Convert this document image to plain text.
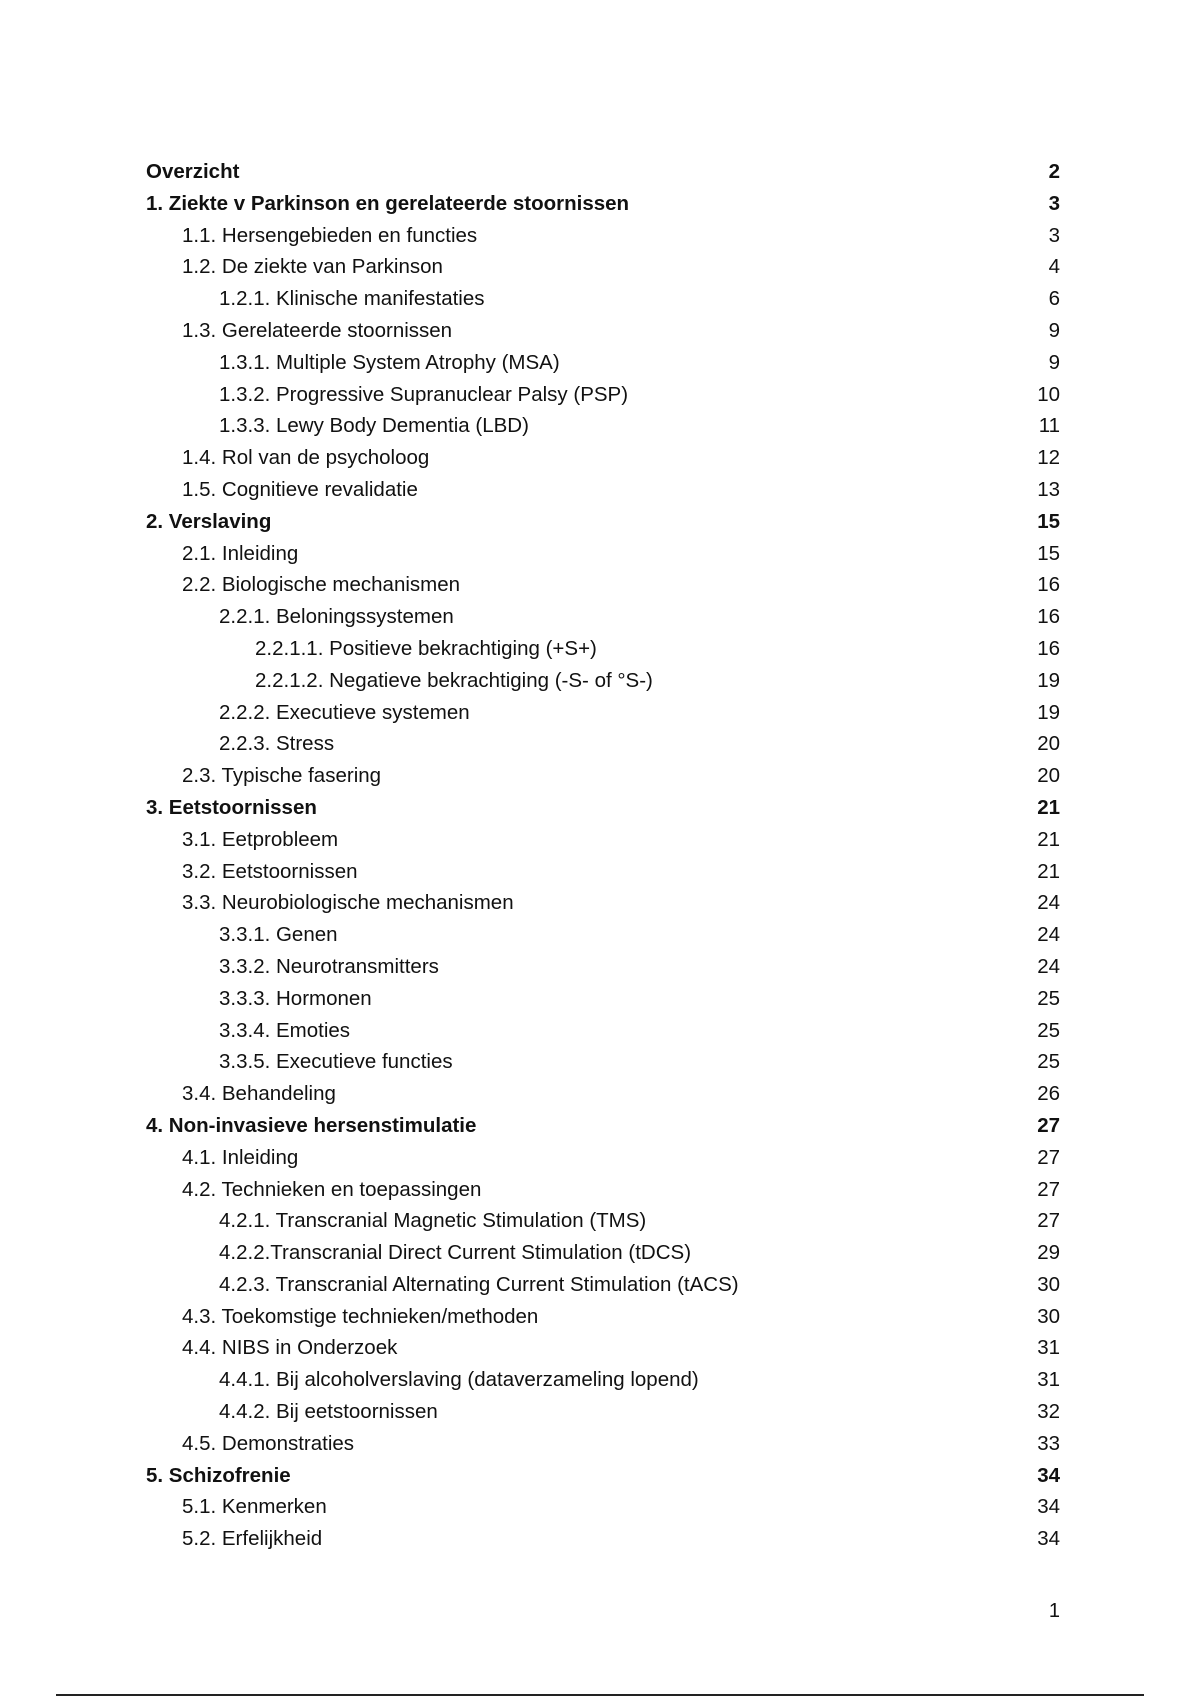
Overzicht	2
1. Ziekte v Parkinson en gerelateerde stoornissen	3
1.1. Hersengebieden en functies	3
1.2. De ziekte van Parkinson	4
1.2.1. Klinische manifestaties	6
1.3. Gerelateerde stoornissen	9
1.3.1. Multiple System Atrophy (MSA)	9
1.3.2. Progressive Supranuclear Palsy (PSP)	10
1.3.3. Lewy Body Dementia (LBD)	11
1.4. Rol van de psycholoog	12
1.5. Cognitieve revalidatie	13
2. Verslaving	15
2.1. Inleiding	15
2.2. Biologische mechanismen	16
2.2.1. Beloningssystemen	16
2.2.1.1. Positieve bekrachtiging (+S+)	16
2.2.1.2. Negatieve bekrachtiging (-S- of °S-)	19
2.2.2. Executieve systemen	19
2.2.3. Stress	20
2.3. Typische fasering	20
3. Eetstoornissen	21
3.1. Eetprobleem	21
3.2. Eetstoornissen	21
3.3. Neurobiologische mechanismen	24
3.3.1. Genen	24
3.3.2. Neurotransmitters	24
3.3.3. Hormonen	25
3.3.4. Emoties	25
3.3.5. Executieve functies	25
3.4. Behandeling	26
4. Non-invasieve hersenstimulatie	27
4.1. Inleiding	27
4.2. Technieken en toepassingen	27
4.2.1. Transcranial Magnetic Stimulation (TMS)	27
4.2.2.Transcranial Direct Current Stimulation (tDCS)	29
4.2.3. Transcranial Alternating Current Stimulation (tACS)	30
4.3. Toekomstige technieken/methoden	30
4.4. NIBS in Onderzoek	31
4.4.1. Bij alcoholverslaving (dataverzameling lopend)	31
4.4.2. Bij eetstoornissen	32
4.5. Demonstraties	33
5. Schizofrenie	34
5.1. Kenmerken	34
5.2. Erfelijkheid	34
1
